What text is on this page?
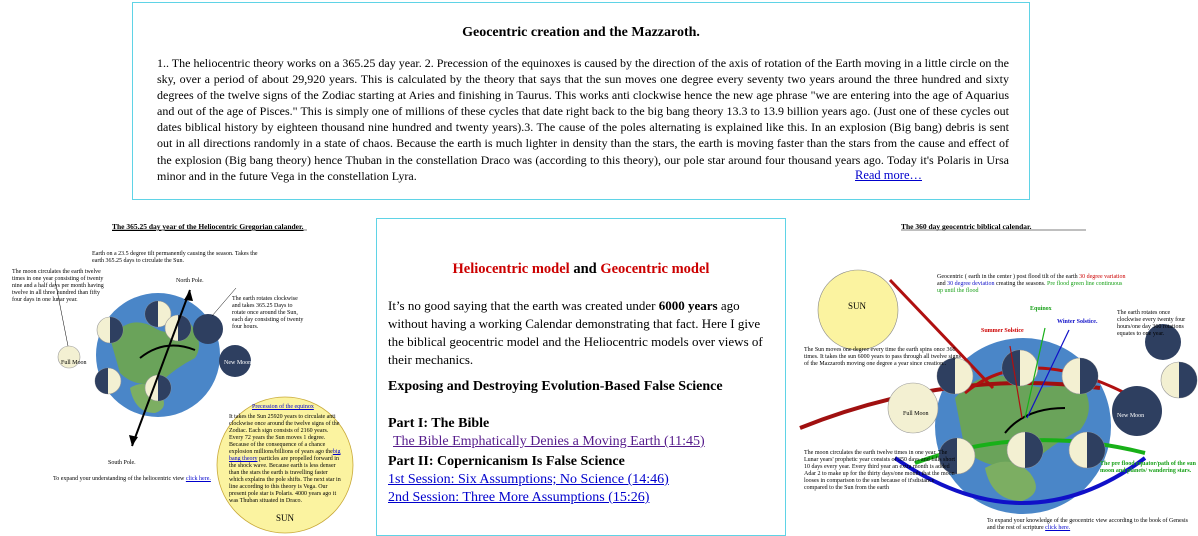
Geocentric creation and the Mazzaroth.
1.. The heliocentric theory works on a 365.25 day year. 2. Precession of the equinoxes is caused by the direction of the axis of rotation of the Earth moving in a little circle on the sky, over a period of about 29,920 years. This is calculated by the theory that says that the sun moves one degree every seventy two years around the three hundred and sixty degrees of the twelve signs of the Zodiac starting at Aries and finishing in Taurus. This works anti clockwise hence the new age phrase "we are entering into the age of Aquarius and out of the age of Pisces." This is simply one of millions of these cycles that date right back to the big bang theory 13.3 to 13.9 billion years ago. (Just one of these cycles out dates biblical history by eighteen thousand nine hundred and twenty years).3. The cause of the poles alternating is explained like this. In an explosion (Big bang) debris is sent out in all directions randomly in a state of chaos. Because the earth is much lighter in density than the stars, the earth is moving faster than the stars from the cause and effect of the explosion (Big bang theory) hence Thuban in the constellation Draco was (according to this theory), our pole star around four thousand years ago. Today it's Polaris in Ursa minor and in the future Vega in the constellation Lyra.	Read more…
The 365.25 day year of the Heliocentric Gregorian calander.
Earth on a 23.5 degree tilt permanently causing the season. Takes the earth 365.25 days to circulate the Sun.
The moon circulates the earth twelve times in one year consisting of twenty nine and a half days per month having twelve in all three hundred than fifty four days in one lunar year.
North Pole.
The earth rotates clockwise and takes 365.25 Days to rotate once around the Sun, each day consisting of twenty four hours.
Full Moon	New Moon
South Pole.
Precession of the equinox
It takes the Sun 25920 years to circulate anti clockwise once around the twelve signs of the Zodiac. Each sign consists of 2160 years. Every 72 years the Sun moves 1 degree. Because of the consequence of a chance explosion millions/billions of years ago thebig bang theory particles are propelled forward in the shock wave. Because earth is less denser than the stars the earth is travelling faster which explains the pole shifts. The next star in line according to this theory is Vega. Our present pole star is Polaris. 4000 years ago it was Thuban situated in Draco.
SUN
To expand your understanding of the heliocentric view click here.
Heliocentric model and Geocentric model
It’s no good saying that the earth was created under 6000 years ago without having a working Calendar demonstrating that fact. Here I give the biblical geocentric model and the Heliocentric models over views of their mechanics.
Exposing and Destroying Evolution-Based False Science
Part I: The Bible
The Bible Emphatically Denies a Moving Earth (11:45)
Part II: Copernicanism Is False Science
1st Session: Six Assumptions; No Science (14:46)
2nd Session: Three More Assumptions (15:26)
The 360 day geocentric biblical calendar.
SUN
Geocentric ( earth in the center ) post flood tilt of the earth 30 degree variation and 30 degree deviation creating the seasons. Pre flood green line continuous up until the flood
Equinox
Summer Solstice
Winter Solstice.
The earth rotates once clockwise every twenty four hours/one day 360 rotations equates to one year.
The Sun moves one degree every time the earth spins once 360 times. It takes the sun 6000 years to pass through all twelve signs of the Mazzaroth moving one degree a year since creation..
Full Moon	New Moon
The moon circulates the earth twelve times in one year. The Lunar years' prophetic year consists of 350 days and falls short 10 days every year. Every third year an extra month is added Adar 2 to make up for the thirty days/one month that the moon looses in comparison to the sun because of it'sdistance compared to the Sun from the earth
The pre flood equator/path of the sun moon and planets/ wandering stars.
To expand your knowledge of the geocentric view according to the book of Genesis and the rest of scripture click here.
